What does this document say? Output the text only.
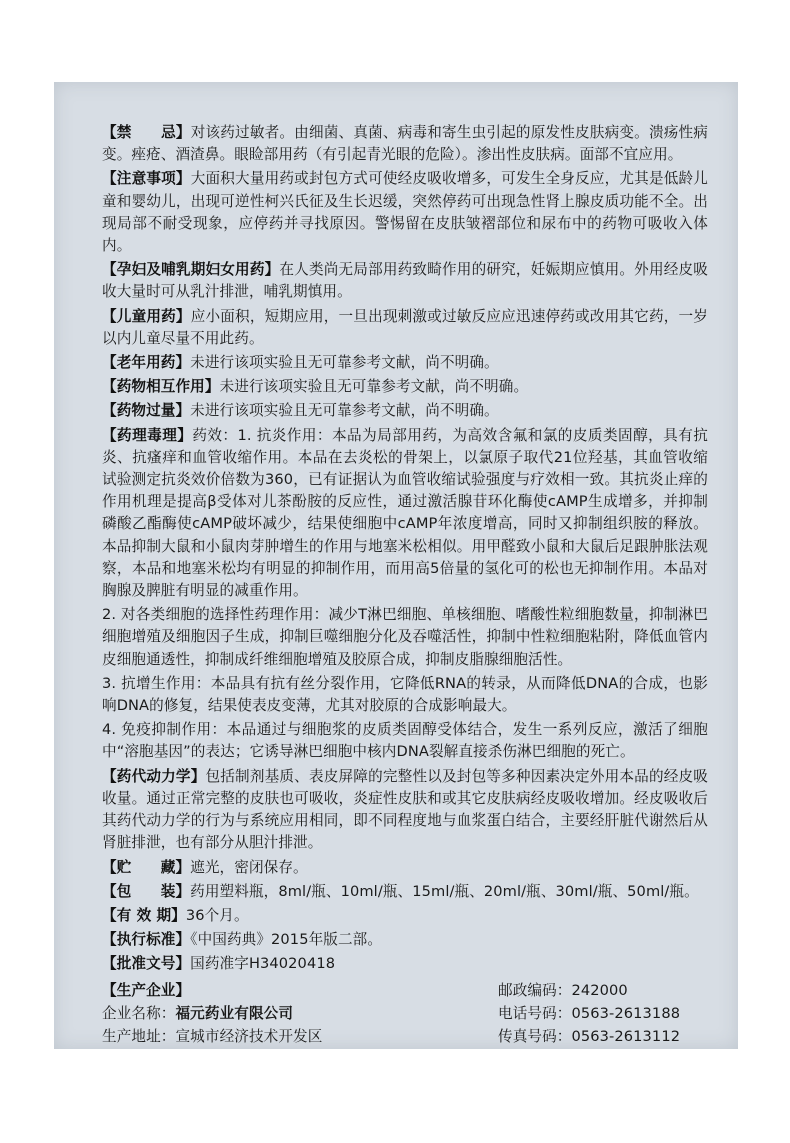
【禁　　忌】对该药过敏者。由细菌、真菌、病毒和寄生虫引起的原发性皮肤病变。溃疡性病变。痤疮、酒渣鼻。眼睑部用药（有引起青光眼的危险）。渗出性皮肤病。面部不宜应用。

【注意事项】大面积大量用药或封包方式可使经皮吸收增多，可发生全身反应，尤其是低龄儿童和婴幼儿，出现可逆性柯兴氏征及生长迟缓，突然停药可出现急性肾上腺皮质功能不全。出现局部不耐受现象，应停药并寻找原因。警惕留在皮肤皱褶部位和尿布中的药物可吸收入体内。

【孕妇及哺乳期妇女用药】在人类尚无局部用药致畸作用的研究，妊娠期应慎用。外用经皮吸收大量时可从乳汁排泄，哺乳期慎用。

【儿童用药】应小面积，短期应用，一旦出现刺激或过敏反应应迅速停药或改用其它药，一岁以内儿童尽量不用此药。

【老年用药】未进行该项实验且无可靠参考文献，尚不明确。

【药物相互作用】未进行该项实验且无可靠参考文献，尚不明确。

【药物过量】未进行该项实验且无可靠参考文献，尚不明确。

【药理毒理】药效：1. 抗炎作用：本品为局部用药，为高效含氟和氯的皮质类固醇，具有抗炎、抗瘙痒和血管收缩作用。本品在去炎松的骨架上，以氯原子取代21位羟基，其血管收缩试验测定抗炎效价倍数为360，已有证据认为血管收缩试验强度与疗效相一致。其抗炎止痒的作用机理是提高β受体对儿茶酚胺的反应性，通过激活腺苷环化酶使cAMP生成增多，并抑制磷酸乙酯酶使cAMP破坏减少，结果使细胞中cAMP年浓度增高，同时又抑制组织胺的释放。本品抑制大鼠和小鼠肉芽肿增生的作用与地塞米松相似。用甲醛致小鼠和大鼠后足跟肿胀法观察，本品和地塞米松均有明显的抑制作用，而用高5倍量的氢化可的松也无抑制作用。本品对胸腺及脾脏有明显的减重作用。

2. 对各类细胞的选择性药理作用：减少T淋巴细胞、单核细胞、嗜酸性粒细胞数量，抑制淋巴细胞增殖及细胞因子生成，抑制巨噬细胞分化及吞噬活性，抑制中性粒细胞粘附，降低血管内皮细胞通透性，抑制成纤维细胞增殖及胶原合成，抑制皮脂腺细胞活性。

3. 抗增生作用：本品具有抗有丝分裂作用，它降低RNA的转录，从而降低DNA的合成，也影响DNA的修复，结果使表皮变薄，尤其对胶原的合成影响最大。

4. 免疫抑制作用：本品通过与细胞浆的皮质类固醇受体结合，发生一系列反应，激活了细胞中“溶胞基因”的表达；它诱导淋巴细胞中核内DNA裂解直接杀伤淋巴细胞的死亡。

【药代动力学】包括制剂基质、表皮屏障的完整性以及封包等多种因素决定外用本品的经皮吸收量。通过正常完整的皮肤也可吸收，炎症性皮肤和或其它皮肤病经皮吸收增加。经皮吸收后其药代动力学的行为与系统应用相同，即不同程度地与血浆蛋白结合，主要经肝脏代谢然后从肾脏排泄，也有部分从胆汁排泄。

【贮　　藏】遮光，密闭保存。

【包　　装】药用塑料瓶，8ml/瓶、10ml/瓶、15ml/瓶、20ml/瓶、30ml/瓶、50ml/瓶。

【有 效 期】36个月。

【执行标准】《中国药典》2015年版二部。

【批准文号】国药准字H34020418

【生产企业】	邮政编码：242000
企业名称：福元药业有限公司	电话号码：0563-2613188
生产地址：宣城市经济技术开发区	传真号码：0563-2613112
